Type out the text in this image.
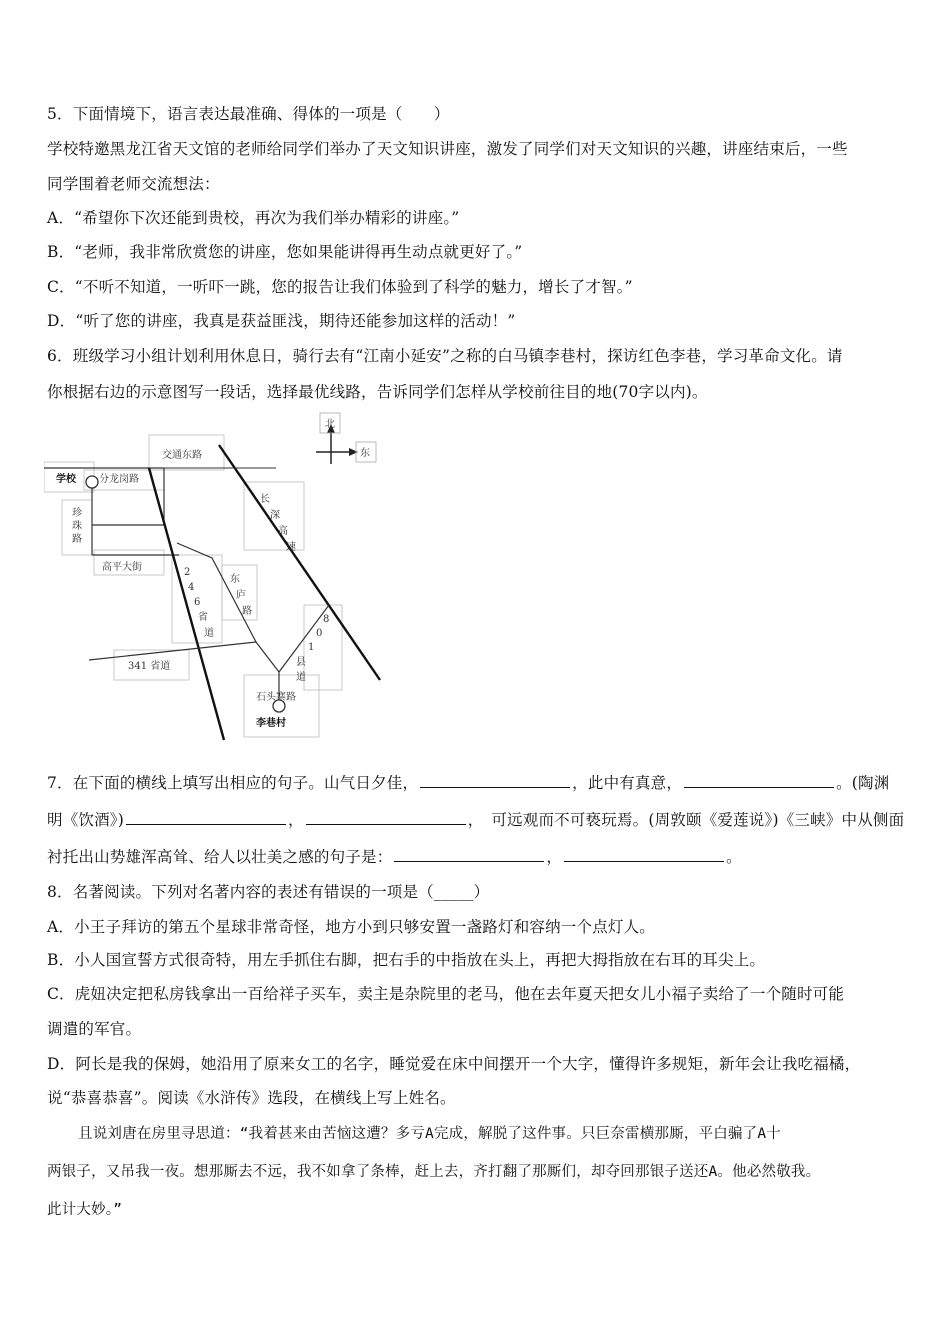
5．下面情境下，语言表达最准确、得体的一项是（　　）
学校特邀黑龙江省天文馆的老师给同学们举办了天文知识讲座，激发了同学们对天文知识的兴趣，讲座结束后，一些
同学围着老师交流想法：
A．“希望你下次还能到贵校，再次为我们举办精彩的讲座。”
B．“老师，我非常欣赏您的讲座，您如果能讲得再生动点就更好了。”
C．“不听不知道，一听吓一跳，您的报告让我们体验到了科学的魅力，增长了才智。”
D．“听了您的讲座，我真是获益匪浅，期待还能参加这样的活动！”
6．班级学习小组计划利用休息日，骑行去有“江南小延安”之称的白马镇李巷村，探访红色李巷，学习革命文化。请
你根据右边的示意图写一段话，选择最优线路，告诉同学们怎样从学校前往目的地(70字以内)。
北
东
学校 分龙岗路
交通东路
高平大街
341 省道
石头寨路
李巷村
珍
珠
路
长
深
高
速
2
4
6
省
道
东
庐
路
8
0
1
县
道
7．在下面的横线上填写出相应的句子。山气日夕佳，	，此中有真意，	。(陶渊
明《饮酒》)	，	，　可远观而不可亵玩焉。(周敦颐《爱莲说》)《三峡》中从侧面
衬托出山势雄浑高耸、给人以壮美之感的句子是：	，	。
8．名著阅读。下列对名著内容的表述有错误的一项是（_____）
A．小王子拜访的第五个星球非常奇怪，地方小到只够安置一盏路灯和容纳一个点灯人。
B．小人国宣誓方式很奇特，用左手抓住右脚，把右手的中指放在头上，再把大拇指放在右耳的耳尖上。
C．虎妞决定把私房钱拿出一百给祥子买车，卖主是杂院里的老马，他在去年夏天把女儿小福子卖给了一个随时可能
调遣的军官。
D．阿长是我的保姆，她沿用了原来女工的名字，睡觉爱在床中间摆开一个大字，懂得许多规矩，新年会让我吃福橘，
说“恭喜恭喜”。阅读《水浒传》选段，在横线上写上姓名。
且说刘唐在房里寻思道：“我着甚来由苦恼这遭？多亏A完成，解脱了这件事。只巨奈雷横那厮，平白骗了A十
两银子，又吊我一夜。想那厮去不远，我不如拿了条棒，赶上去，齐打翻了那厮们，却夺回那银子送还A。他必然敬我。
此计大妙。”
